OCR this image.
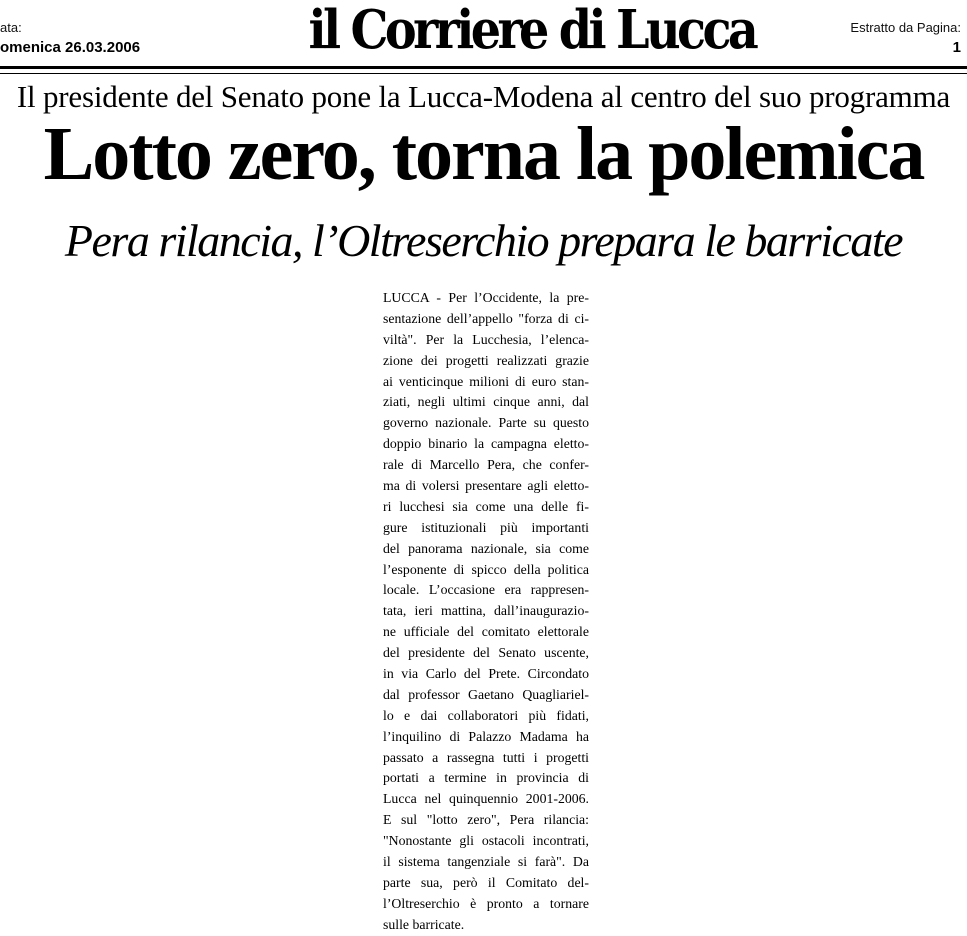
ata:
omenica 26.03.2006	il Corriere di Lucca	Estratto da Pagina:
1
Il presidente del Senato pone la Lucca-Modena al centro del suo programma
Lotto zero, torna la polemica
Pera rilancia, l’Oltreserchio prepara le barricate
LUCCA - Per l’Occidente, la pre-
sentazione dell’appello "forza di ci-
viltà". Per la Lucchesia, l’elenca-
zione dei progetti realizzati grazie
ai venticinque milioni di euro stan-
ziati, negli ultimi cinque anni, dal
governo nazionale. Parte su questo
doppio binario la campagna eletto-
rale di Marcello Pera, che confer-
ma di volersi presentare agli eletto-
ri lucchesi sia come una delle fi-
gure istituzionali più importanti
del panorama nazionale, sia come
l’esponente di spicco della politica
locale. L’occasione era rappresen-
tata, ieri mattina, dall’inaugurazio-
ne ufficiale del comitato elettorale
del presidente del Senato uscente,
in via Carlo del Prete. Circondato
dal professor Gaetano Quagliariel-
lo e dai collaboratori più fidati,
l’inquilino di Palazzo Madama ha
passato a rassegna tutti i progetti
portati a termine in provincia di
Lucca nel quinquennio 2001-2006.
E sul "lotto zero", Pera rilancia:
"Nonostante gli ostacoli incontrati,
il sistema tangenziale si farà". Da
parte sua, però il Comitato del-
l’Oltreserchio è pronto a tornare
sulle barricate.
